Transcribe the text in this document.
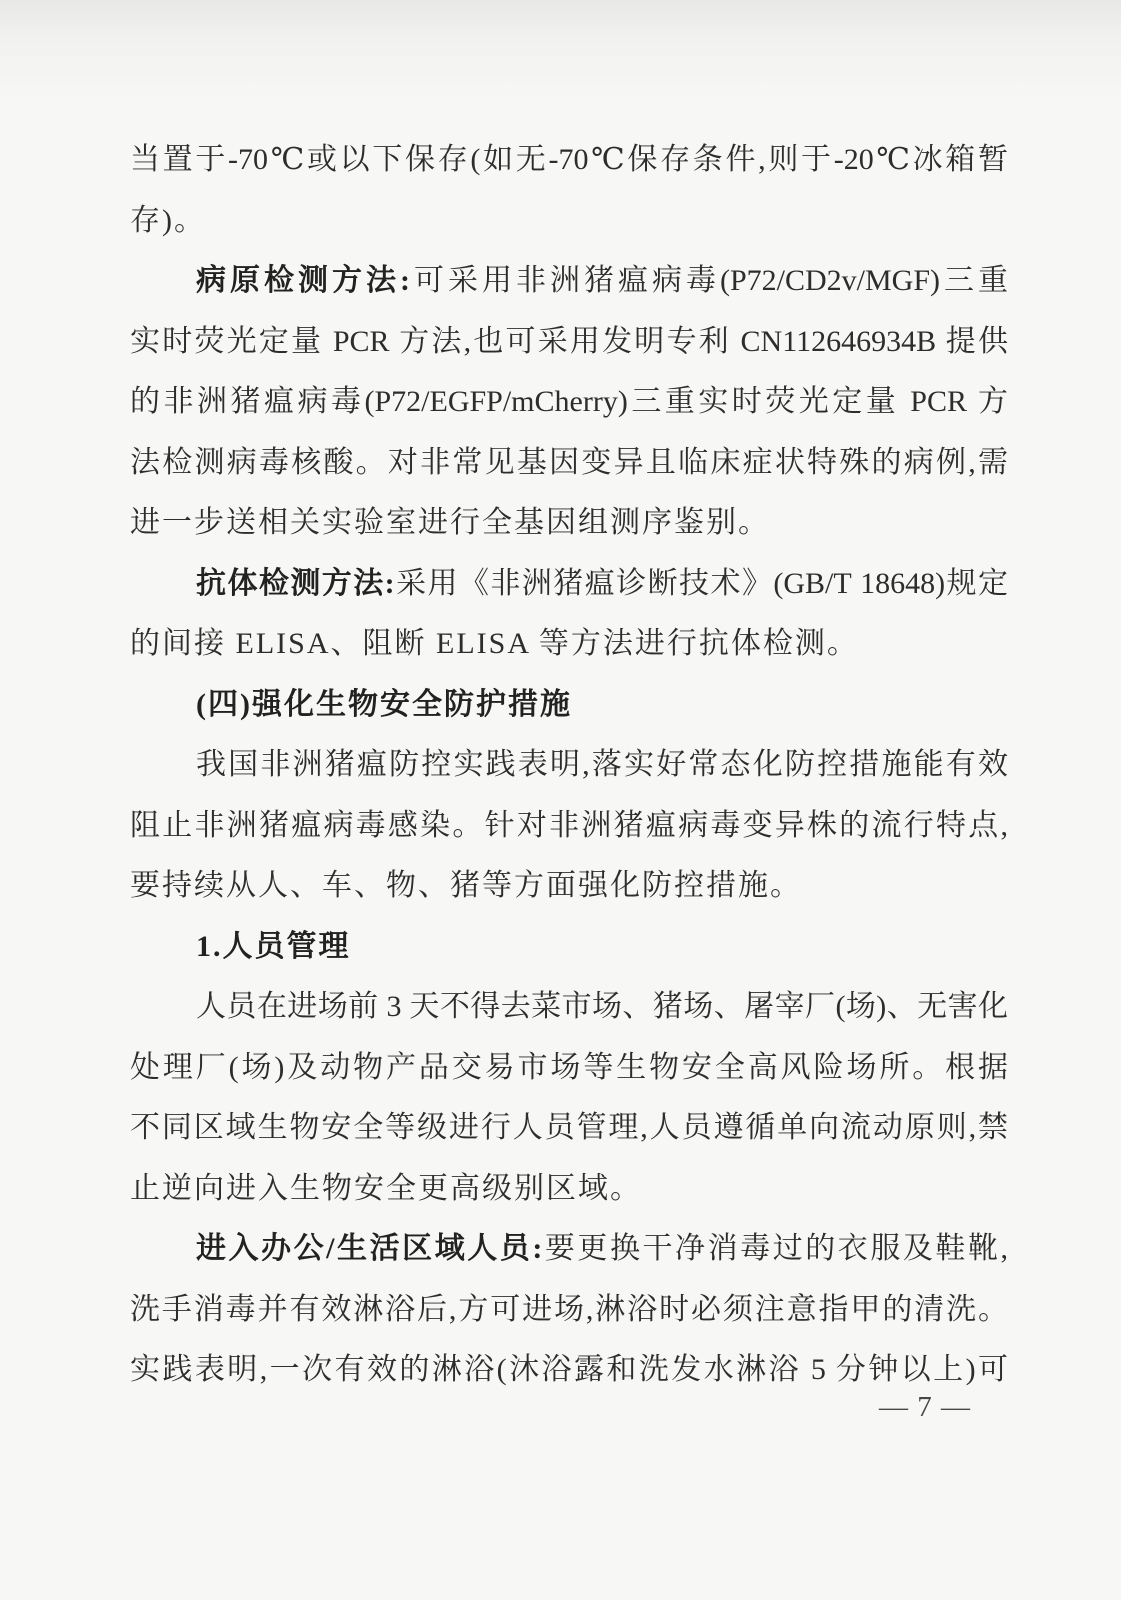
当置于-70℃或以下保存(如无-70℃保存条件,则于-20℃冰箱暂
存)。
病原检测方法:可采用非洲猪瘟病毒(P72/CD2v/MGF)三重
实时荧光定量 PCR 方法,也可采用发明专利 CN112646934B 提供
的非洲猪瘟病毒(P72/EGFP/mCherry)三重实时荧光定量 PCR 方
法检测病毒核酸。对非常见基因变异且临床症状特殊的病例,需
进一步送相关实验室进行全基因组测序鉴别。
抗体检测方法:采用《非洲猪瘟诊断技术》(GB/T 18648)规定
的间接 ELISA、阻断 ELISA 等方法进行抗体检测。
(四)强化生物安全防护措施
我国非洲猪瘟防控实践表明,落实好常态化防控措施能有效
阻止非洲猪瘟病毒感染。针对非洲猪瘟病毒变异株的流行特点,
要持续从人、车、物、猪等方面强化防控措施。
1.人员管理
人员在进场前 3 天不得去菜市场、猪场、屠宰厂(场)、无害化
处理厂(场)及动物产品交易市场等生物安全高风险场所。根据
不同区域生物安全等级进行人员管理,人员遵循单向流动原则,禁
止逆向进入生物安全更高级别区域。
进入办公/生活区域人员:要更换干净消毒过的衣服及鞋靴,
洗手消毒并有效淋浴后,方可进场,淋浴时必须注意指甲的清洗。
实践表明,一次有效的淋浴(沐浴露和洗发水淋浴 5 分钟以上)可
— 7 —
